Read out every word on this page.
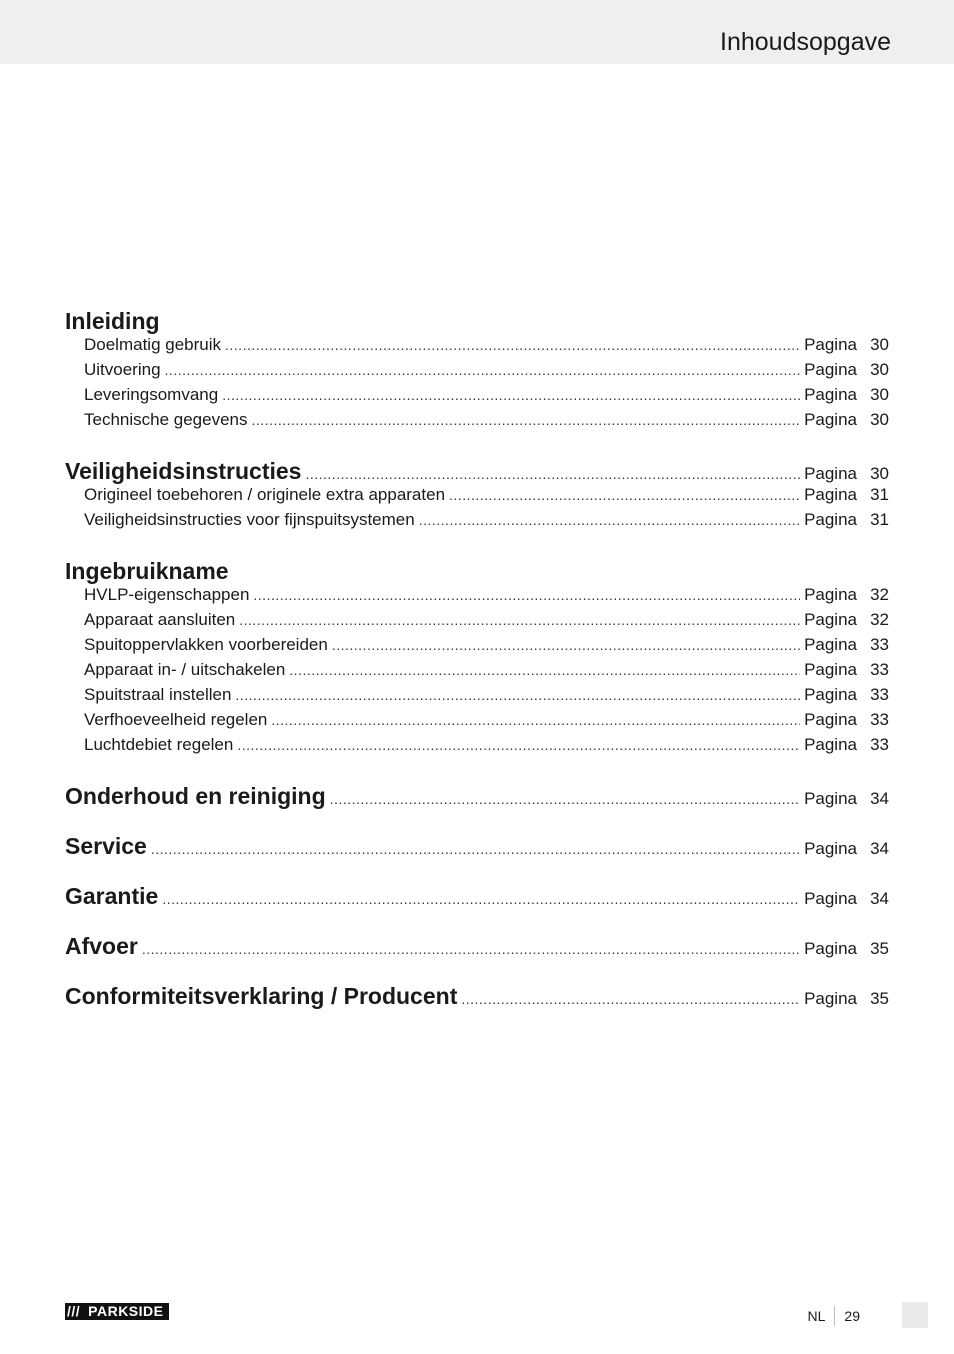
Inhoudsopgave
Inleiding
Doelmatig gebruik .....	Pagina 30
Uitvoering .....	Pagina 30
Leveringsomvang .....	Pagina 30
Technische gegevens .....	Pagina 30
Veiligheidsinstructies .....	Pagina 30
Origineel toebehoren / originele extra apparaten .....	Pagina 31
Veiligheidsinstructies voor fijnspuitsystemen .....	Pagina 31
Ingebruikname
HVLP-eigenschappen .....	Pagina 32
Apparaat aansluiten .....	Pagina 32
Spuitoppervlakken voorbereiden .....	Pagina 33
Apparaat in- / uitschakelen .....	Pagina 33
Spuitstraal instellen .....	Pagina 33
Verfhoeveelheid regelen .....	Pagina 33
Luchtdebiet regelen .....	Pagina 33
Onderhoud en reiniging .....	Pagina 34
Service .....	Pagina 34
Garantie .....	Pagina 34
Afvoer .....	Pagina 35
Conformiteitsverklaring / Producent .....	Pagina 35
/// PARKSIDE	NL 29
